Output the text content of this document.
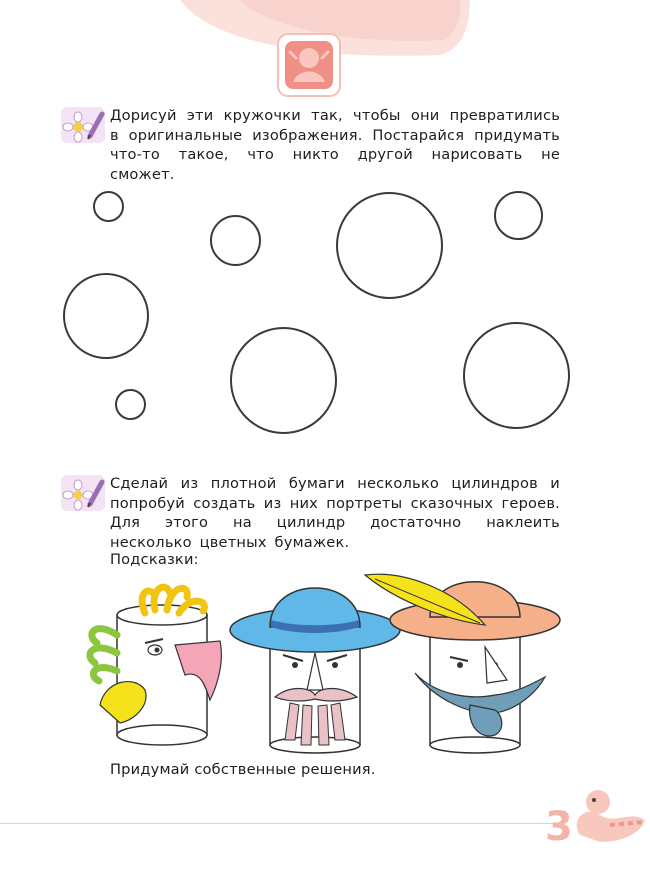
Дорисуй эти кружочки так, чтобы они превратились в оригинальные изображения. Постарайся придумать что-то такое, что никто другой нарисовать не сможет.
Сделай из плотной бумаги несколько цилиндров и попробуй создать из них портреты сказочных героев. Для этого на цилиндр достаточно наклеить несколько цветных бумажек.
Подсказки:
Придумай собственные решения.
3
